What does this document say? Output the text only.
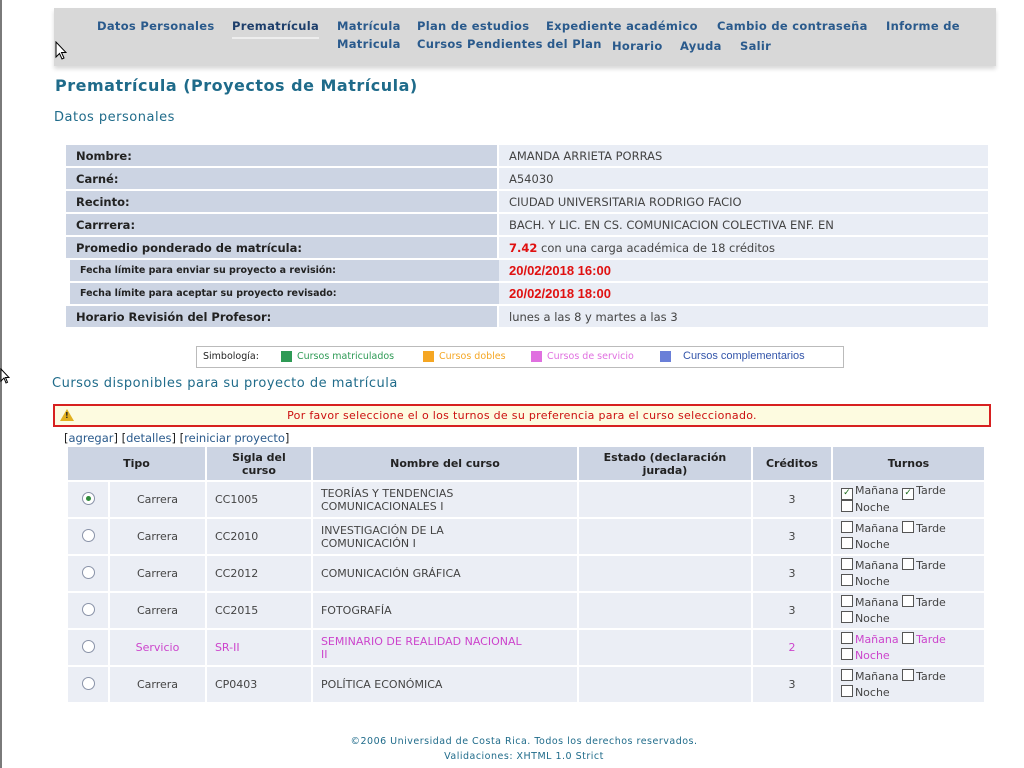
Datos Personales Prematrícula Matrícula Plan de estudios Expediente académico Cambio de contraseña Informe de
Matricula Cursos Pendientes del Plan Horario Ayuda Salir
Prematrícula (Proyectos de Matrícula)
Datos personales
Nombre:	AMANDA ARRIETA PORRAS
Carné:	A54030
Recinto:	CIUDAD UNIVERSITARIA RODRIGO FACIO
Carrrera:	BACH. Y LIC. EN CS. COMUNICACION COLECTIVA ENF. EN
Promedio ponderado de matrícula:	7.42 con una carga académica de 18 créditos
Fecha límite para enviar su proyecto a revisión:	20/02/2018 16:00
Fecha límite para aceptar su proyecto revisado:	20/02/2018 18:00
Horario Revisión del Profesor:	lunes a las 8 y martes a las 3
Simbología:	Cursos matriculados	Cursos dobles	Cursos de servicio	Cursos complementarios
Cursos disponibles para su proyecto de matrícula
!	Por favor seleccione el o los turnos de su preferencia para el curso seleccionado.
[agregar] [detalles] [reiniciar proyecto]
Tipo		Sigla del
curso	Nombre del curso	Estado (declaración
jurada)	Créditos	Turnos
	Carrera	CC1005	TEORÍAS Y TENDENCIAS
COMUNICACIONALES I		3	✓ Mañana ✓ Tarde
Noche
	Carrera	CC2010	INVESTIGACIÓN DE LA
COMUNICACIÓN I		3	Mañana Tarde
Noche
	Carrera	CC2012	COMUNICACIÓN GRÁFICA		3	Mañana Tarde
Noche
	Carrera	CC2015	FOTOGRAFÍA		3	Mañana Tarde
Noche
	Servicio	SR-II	SEMINARIO DE REALIDAD NACIONAL
II		2	Mañana Tarde
Noche
	Carrera	CP0403	POLÍTICA ECONÓMICA		3	Mañana Tarde
Noche
©2006 Universidad de Costa Rica. Todos los derechos reservados.
Validaciones: XHTML 1.0 Strict
